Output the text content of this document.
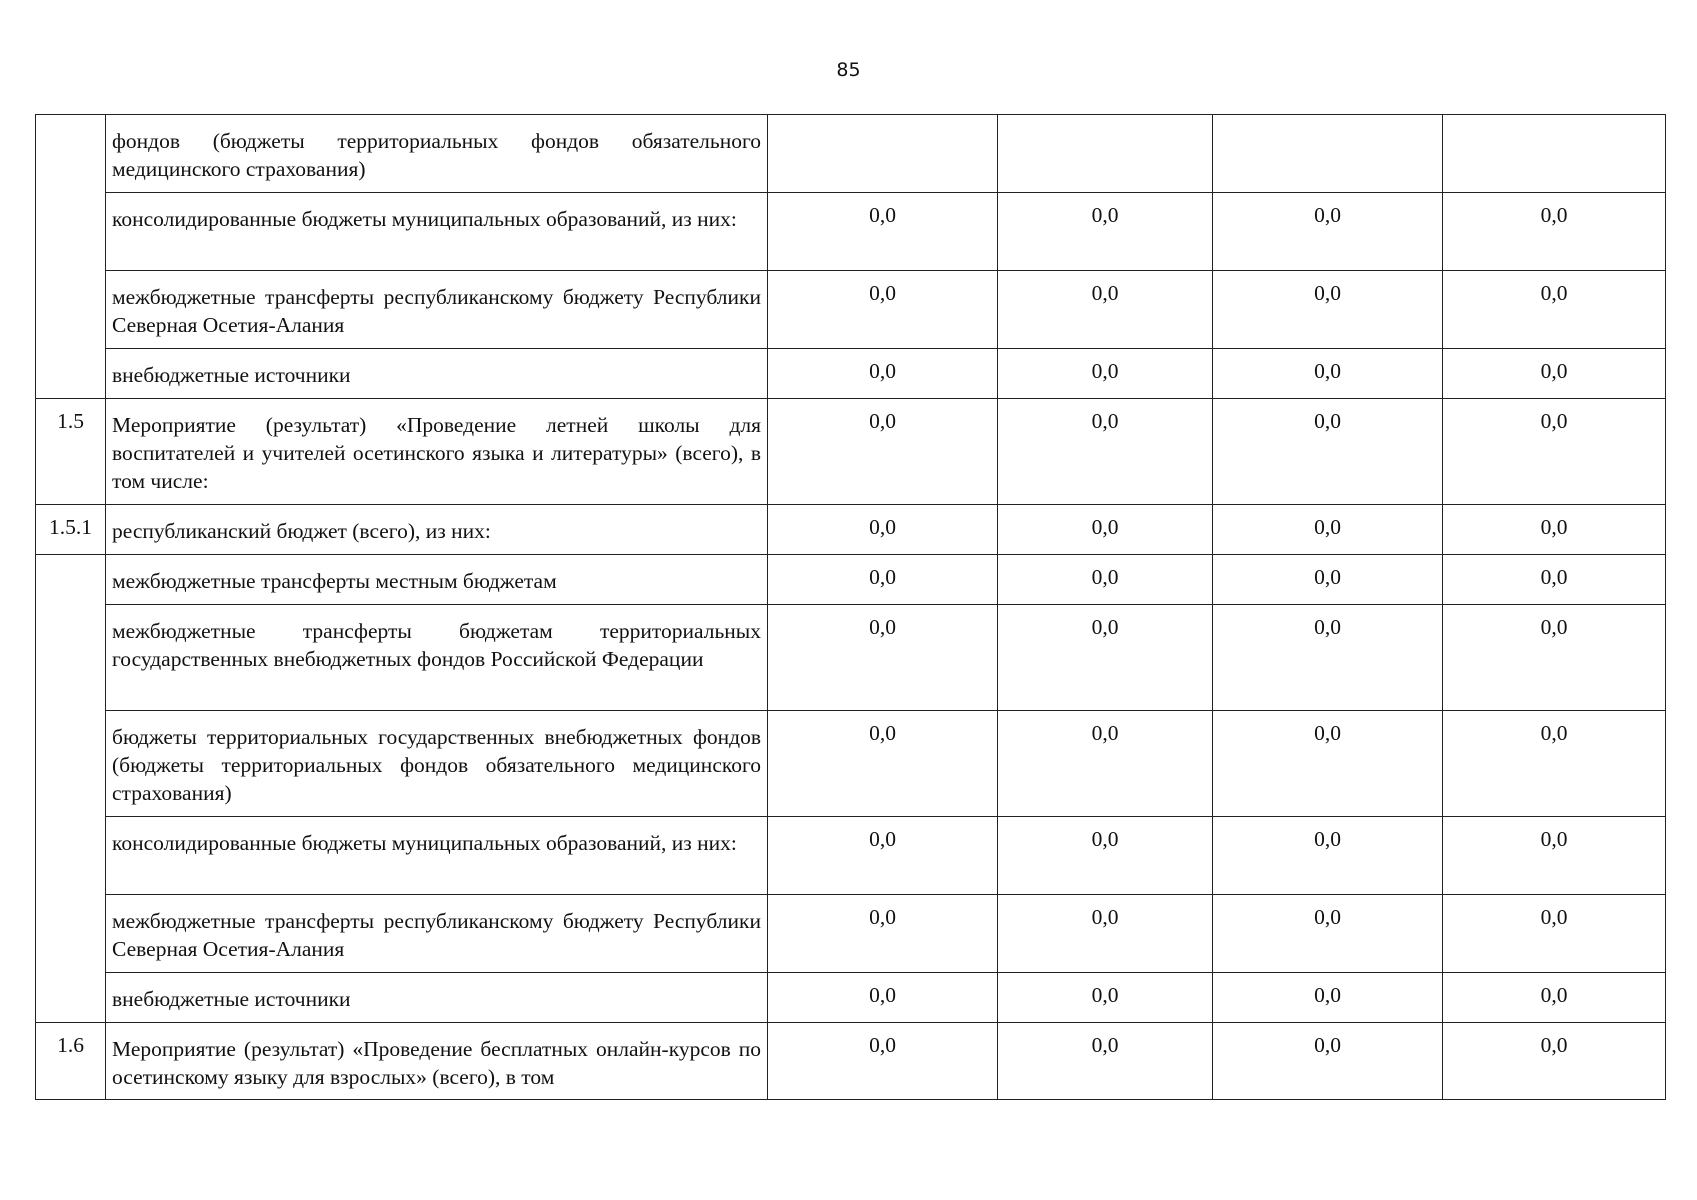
85
	фондов (бюджеты территориальных фондов обязательного медицинского страхования)				
	консолидированные бюджеты муниципальных образований, из них:	0,0	0,0	0,0	0,0
	межбюджетные трансферты республиканскому бюджету Республики Северная Осетия-Алания	0,0	0,0	0,0	0,0
	внебюджетные источники	0,0	0,0	0,0	0,0
1.5	Мероприятие (результат) «Проведение летней школы для воспитателей и учителей осетинского языка и литературы» (всего), в том числе:	0,0	0,0	0,0	0,0
1.5.1	республиканский бюджет (всего), из них:	0,0	0,0	0,0	0,0
	межбюджетные трансферты местным бюджетам	0,0	0,0	0,0	0,0
	межбюджетные трансферты бюджетам территориальных государственных внебюджетных фондов Российской Федерации	0,0	0,0	0,0	0,0
	бюджеты территориальных государственных внебюджетных фондов (бюджеты территориальных фондов обязательного медицинского страхования)	0,0	0,0	0,0	0,0
	консолидированные бюджеты муниципальных образований, из них:	0,0	0,0	0,0	0,0
	межбюджетные трансферты республиканскому бюджету Республики Северная Осетия-Алания	0,0	0,0	0,0	0,0
	внебюджетные источники	0,0	0,0	0,0	0,0
1.6	Мероприятие (результат) «Проведение бесплатных онлайн-курсов по осетинскому языку для взрослых» (всего), в том	0,0	0,0	0,0	0,0
